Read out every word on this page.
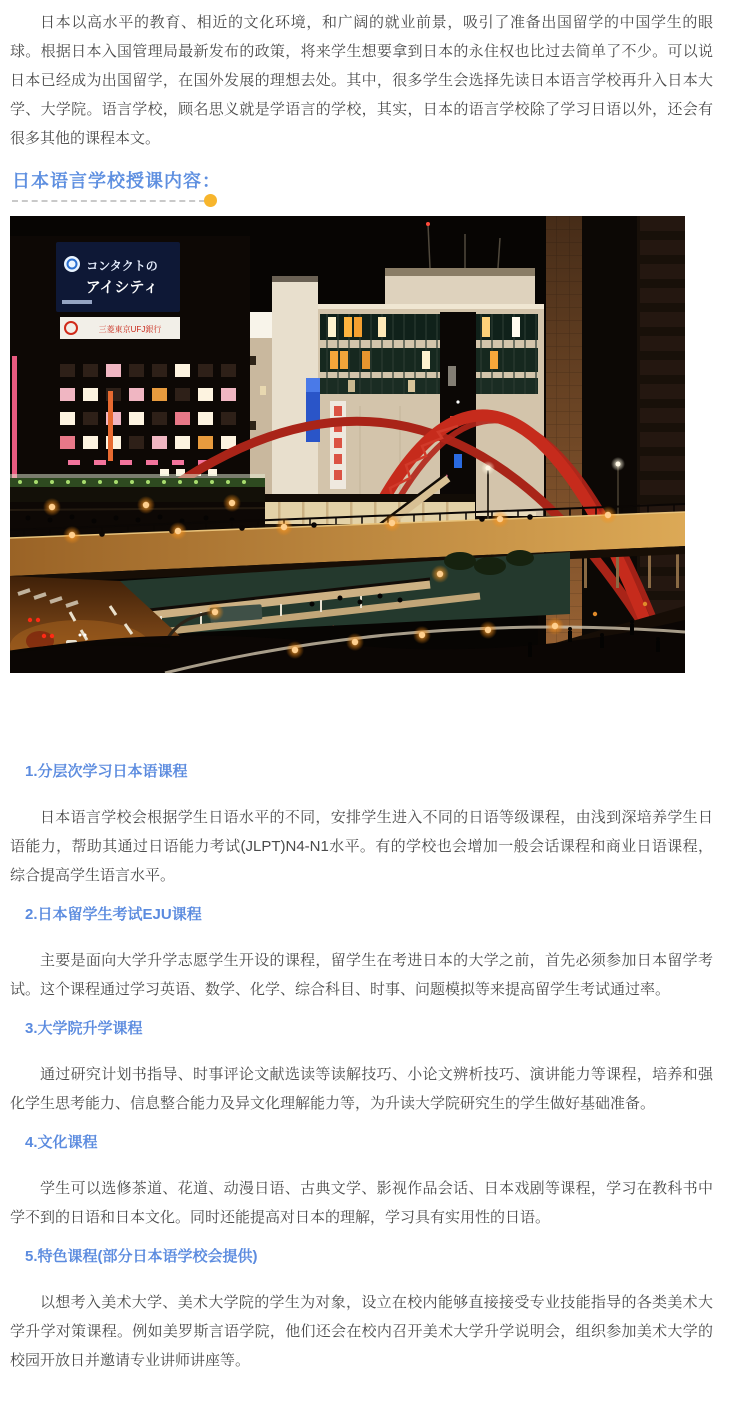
日本以高水平的教育、相近的文化环境，和广阔的就业前景，吸引了准备出国留学的中国学生的眼球。根据日本入国管理局最新发布的政策，将来学生想要拿到日本的永住权也比过去简单了不少。可以说日本已经成为出国留学，在国外发展的理想去处。其中，很多学生会选择先读日本语言学校再升入日本大学、大学院。语言学校，顾名思义就是学语言的学校，其实，日本的语言学校除了学习日语以外，还会有很多其他的课程本文。

日本语言学校授课内容：
コンタクトの
アイシティ
三菱東京UFJ銀行
1.分层次学习日本语课程

日本语言学校会根据学生日语水平的不同，安排学生进入不同的日语等级课程，由浅到深培养学生日语能力，帮助其通过日语能力考试(JLPT)N4-N1水平。有的学校也会增加一般会话课程和商业日语课程，综合提高学生语言水平。

2.日本留学生考试EJU课程

主要是面向大学升学志愿学生开设的课程，留学生在考进日本的大学之前，首先必须参加日本留学考试。这个课程通过学习英语、数学、化学、综合科目、时事、问题模拟等来提高留学生考试通过率。

3.大学院升学课程

通过研究计划书指导、时事评论文献选读等读解技巧、小论文辨析技巧、演讲能力等课程，培养和强化学生思考能力、信息整合能力及异文化理解能力等，为升读大学院研究生的学生做好基础准备。

4.文化课程

学生可以选修茶道、花道、动漫日语、古典文学、影视作品会话、日本戏剧等课程，学习在教科书中学不到的日语和日本文化。同时还能提高对日本的理解，学习具有实用性的日语。

5.特色课程(部分日本语学校会提供)

以想考入美术大学、美术大学院的学生为对象，设立在校内能够直接接受专业技能指导的各类美术大学升学对策课程。例如美罗斯言语学院，他们还会在校内召开美术大学升学说明会，组织参加美术大学的校园开放日并邀请专业讲师讲座等。
